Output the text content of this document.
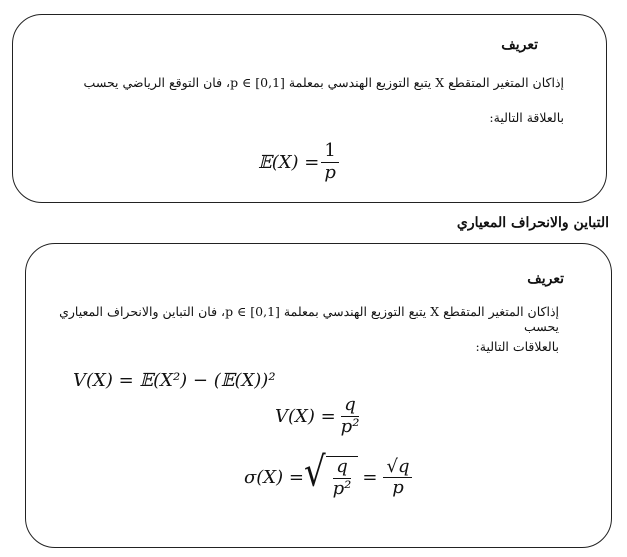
تعريف
إذاكان المتغير المتقطع X يتبع التوزيع الهندسي بمعلمة [0,1] ∋ p، فان التوقع الرياضي يحسب
بالعلاقة التالية:
𝔼(X) = $\frac{1}{p}$
التباين والانحراف المعياري
تعريف
إذاكان المتغير المتقطع X يتبع التوزيع الهندسي بمعلمة [0,1] ∋ p، فان التباين والانحراف المعياري يحسب
بالعلاقات التالية:
V(X) = 𝔼(X²) − (𝔼(X))²
$V(X) = \frac{q}{\text{p²}}$
σ(X) = √ $\frac{q}{\text{p²}} = \frac{√q}{p}$
